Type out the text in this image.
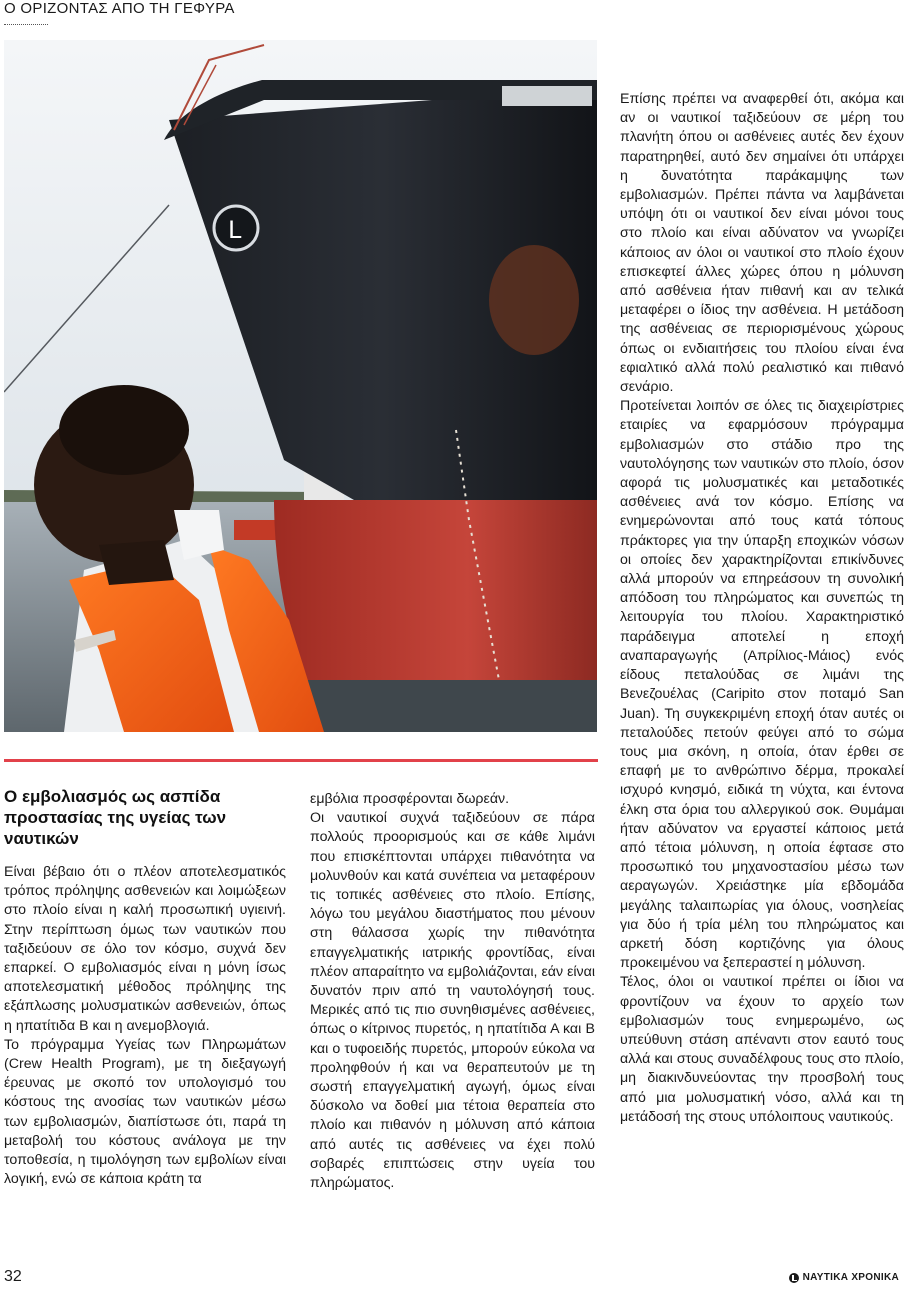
Ο ΟΡΙΖΟΝΤΑΣ ΑΠΟ ΤΗ ΓΕΦΥΡΑ
L
Ο εμβολιασμός ως ασπίδα προστασίας της υγείας των ναυτικών

Είναι βέβαιο ότι ο πλέον αποτελεσματικός τρόπος πρόληψης ασθενειών και λοιμώξεων στο πλοίο είναι η καλή προσωπική υγιεινή. Στην περίπτωση όμως των ναυτικών που ταξιδεύουν σε όλο τον κόσμο, συχνά δεν επαρκεί. Ο εμβολιασμός είναι η μόνη ίσως αποτελεσματική μέθοδος πρόληψης της εξάπλωσης μολυσματικών ασθενειών, όπως η ηπατίτιδα Β και η ανεμοβλογιά.

Το πρόγραμμα Υγείας των Πληρωμάτων (Crew Health Program), με τη διεξαγωγή έρευνας με σκοπό τον υπολογισμό του κόστους της ανοσίας των ναυτικών μέσω των εμβολιασμών, διαπίστωσε ότι, παρά τη μεταβολή του κόστους ανάλογα με την τοποθεσία, η τιμολόγηση των εμβολίων είναι λογική, ενώ σε κάποια κράτη τα

εμβόλια προσφέρονται δωρεάν.

Οι ναυτικοί συχνά ταξιδεύουν σε πάρα πολλούς προορισμούς και σε κάθε λιμάνι που επισκέπτονται υπάρχει πιθανότητα να μολυνθούν και κατά συνέπεια να μεταφέρουν τις τοπικές ασθένειες στο πλοίο. Επίσης, λόγω του μεγάλου διαστήματος που μένουν στη θάλασσα χωρίς την πιθανότητα επαγγελματικής ιατρικής φροντίδας, είναι πλέον απαραίτητο να εμβολιάζονται, εάν είναι δυνατόν πριν από τη ναυτολόγησή τους. Μερικές από τις πιο συνηθισμένες ασθένειες, όπως ο κίτρινος πυρετός, η ηπατίτιδα Α και Β και ο τυφοειδής πυρετός, μπορούν εύκολα να προληφθούν ή και να θεραπευτούν με τη σωστή επαγγελματική αγωγή, όμως είναι δύσκολο να δοθεί μια τέτοια θεραπεία στο πλοίο και πιθανόν η μόλυνση από κάποια από αυτές τις ασθένειες να έχει πολύ σοβαρές επιπτώσεις στην υγεία του πληρώματος.

Επίσης πρέπει να αναφερθεί ότι, ακόμα και αν οι ναυτικοί ταξιδεύουν σε μέρη του πλανήτη όπου οι ασθένειες αυτές δεν έχουν παρατηρηθεί, αυτό δεν σημαίνει ότι υπάρχει η δυνατότητα παράκαμψης των εμβολιασμών. Πρέπει πάντα να λαμβάνεται υπόψη ότι οι ναυτικοί δεν είναι μόνοι τους στο πλοίο και είναι αδύνατον να γνωρίζει κάποιος αν όλοι οι ναυτικοί στο πλοίο έχουν επισκεφτεί άλλες χώρες όπου η μόλυνση από ασθένεια ήταν πιθανή και αν τελικά μεταφέρει ο ίδιος την ασθένεια. Η μετάδοση της ασθένειας σε περιορισμένους χώρους όπως οι ενδιαιτήσεις του πλοίου είναι ένα εφιαλτικό αλλά πολύ ρεαλιστικό και πιθανό σενάριο.

Προτείνεται λοιπόν σε όλες τις διαχειρίστριες εταιρίες να εφαρμόσουν πρόγραμμα εμβολιασμών στο στάδιο προ της ναυτολόγησης των ναυτικών στο πλοίο, όσον αφορά τις μολυσματικές και μεταδοτικές ασθένειες ανά τον κόσμο. Επίσης να ενημερώνονται από τους κατά τόπους πράκτορες για την ύπαρξη εποχικών νόσων οι οποίες δεν χαρακτηρίζονται επικίνδυνες αλλά μπορούν να επηρεάσουν τη συνολική απόδοση του πληρώματος και συνεπώς τη λειτουργία του πλοίου. Χαρακτηριστικό παράδειγμα αποτελεί η εποχή αναπαραγωγής (Απρίλιος-Μάιος) ενός είδους πεταλούδας σε λιμάνι της Βενεζουέλας (Caripito στον ποταμό San Juan). Τη συγκεκριμένη εποχή όταν αυτές οι πεταλούδες πετούν φεύγει από το σώμα τους μια σκόνη, η οποία, όταν έρθει σε επαφή με το ανθρώπινο δέρμα, προκαλεί ισχυρό κνησμό, ειδικά τη νύχτα, και έντονα έλκη στα όρια του αλλεργικού σοκ. Θυμάμαι ήταν αδύνατον να εργαστεί κάποιος μετά από τέτοια μόλυνση, η οποία έφτασε στο προσωπικό του μηχανοστασίου μέσω των αεραγωγών. Χρειάστηκε μία εβδομάδα μεγάλης ταλαιπωρίας για όλους, νοσηλείας για δύο ή τρία μέλη του πληρώματος και αρκετή δόση κορτιζόνης για όλους προκειμένου να ξεπεραστεί η μόλυνση.

Τέλος, όλοι οι ναυτικοί πρέπει οι ίδιοι να φροντίζουν να έχουν το αρχείο των εμβολιασμών τους ενημερωμένο, ως υπεύθυνη στάση απέναντι στον εαυτό τους αλλά και στους συναδέλφους τους στο πλοίο, μη διακινδυνεύοντας την προσβολή τους από μια μολυσματική νόσο, αλλά και τη μετάδοσή της στους υπόλοιπους ναυτικούς.

32	ΝΑΥΤΙΚΑ ΧΡΟΝΙΚΑ
